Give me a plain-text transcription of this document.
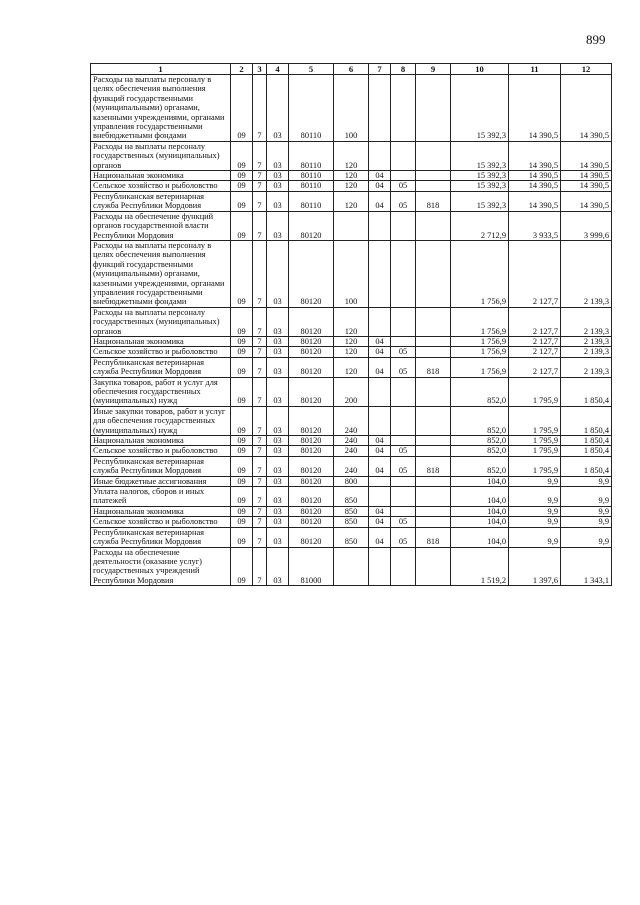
899
1	2	3	4	5	6	7	8	9	10	11	12
Расходы на выплаты персоналу в целях обеспечения выполнения функций государственными (муниципальными) органами, казенными учреждениями, органами управления государственными внебюджетными фондами	09	7	03	80110	100				15 392,3	14 390,5	14 390,5
Расходы на выплаты персоналу государственных (муниципальных) органов	09	7	03	80110	120				15 392,3	14 390,5	14 390,5
Национальная экономика	09	7	03	80110	120	04			15 392,3	14 390,5	14 390,5
Сельское хозяйство и рыболовство	09	7	03	80110	120	04	05		15 392,3	14 390,5	14 390,5
Республиканская ветеринарная служба Республики Мордовия	09	7	03	80110	120	04	05	818	15 392,3	14 390,5	14 390,5
Расходы на обеспечение функций органов государственной власти Республики Мордовия	09	7	03	80120					2 712,9	3 933,5	3 999,6
Расходы на выплаты персоналу в целях обеспечения выполнения функций государственными (муниципальными) органами, казенными учреждениями, органами управления государственными внебюджетными фондами	09	7	03	80120	100				1 756,9	2 127,7	2 139,3
Расходы на выплаты персоналу государственных (муниципальных) органов	09	7	03	80120	120				1 756,9	2 127,7	2 139,3
Национальная экономика	09	7	03	80120	120	04			1 756,9	2 127,7	2 139,3
Сельское хозяйство и рыболовство	09	7	03	80120	120	04	05		1 756,9	2 127,7	2 139,3
Республиканская ветеринарная служба Республики Мордовия	09	7	03	80120	120	04	05	818	1 756,9	2 127,7	2 139,3
Закупка товаров, работ и услуг для обеспечения государственных (муниципальных) нужд	09	7	03	80120	200				852,0	1 795,9	1 850,4
Иные закупки товаров, работ и услуг для обеспечения государственных (муниципальных) нужд	09	7	03	80120	240				852,0	1 795,9	1 850,4
Национальная экономика	09	7	03	80120	240	04			852,0	1 795,9	1 850,4
Сельское хозяйство и рыболовство	09	7	03	80120	240	04	05		852,0	1 795,9	1 850,4
Республиканская ветеринарная служба Республики Мордовия	09	7	03	80120	240	04	05	818	852,0	1 795,9	1 850,4
Иные бюджетные ассигнования	09	7	03	80120	800				104,0	9,9	9,9
Уплата налогов, сборов и иных платежей	09	7	03	80120	850				104,0	9,9	9,9
Национальная экономика	09	7	03	80120	850	04			104,0	9,9	9,9
Сельское хозяйство и рыболовство	09	7	03	80120	850	04	05		104,0	9,9	9,9
Республиканская ветеринарная служба Республики Мордовия	09	7	03	80120	850	04	05	818	104,0	9,9	9,9
Расходы на обеспечение деятельности (оказание услуг) государственных учреждений Республики Мордовия	09	7	03	81000					1 519,2	1 397,6	1 343,1
